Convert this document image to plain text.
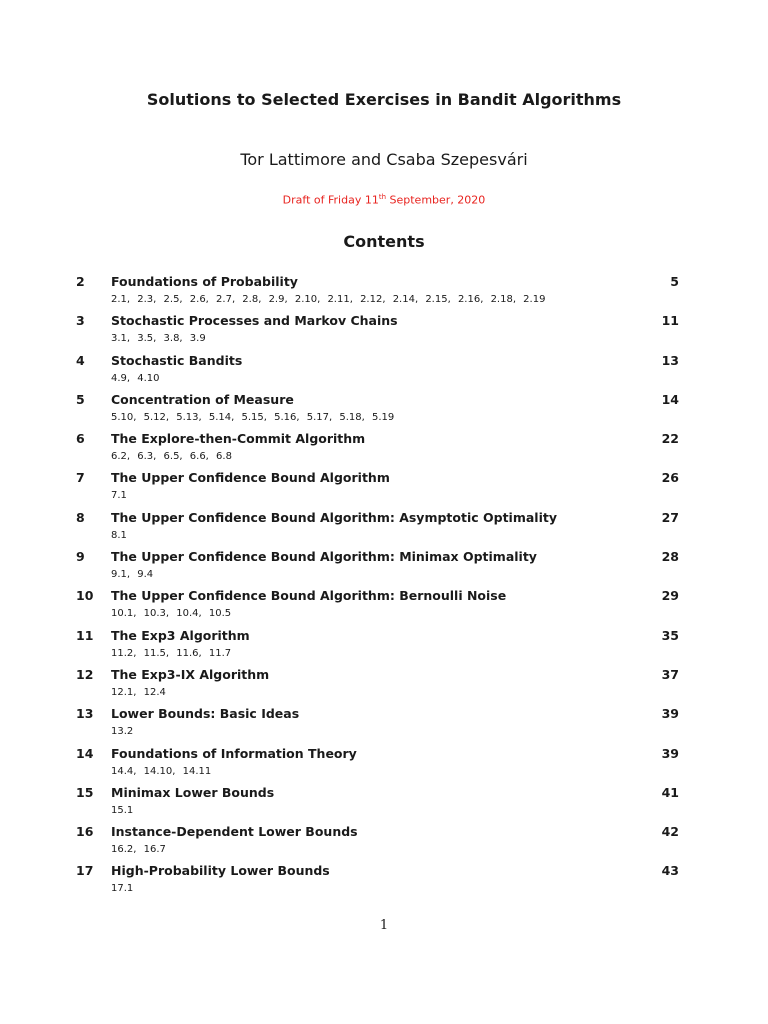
Solutions to Selected Exercises in Bandit Algorithms
Tor Lattimore and Csaba Szepesvári
Draft of Friday 11th September, 2020
Contents
2 Foundations of Probability	5
2.1, 2.3, 2.5, 2.6, 2.7, 2.8, 2.9, 2.10, 2.11, 2.12, 2.14, 2.15, 2.16, 2.18, 2.19
3 Stochastic Processes and Markov Chains	11
3.1, 3.5, 3.8, 3.9
4 Stochastic Bandits	13
4.9, 4.10
5 Concentration of Measure	14
5.10, 5.12, 5.13, 5.14, 5.15, 5.16, 5.17, 5.18, 5.19
6 The Explore-then-Commit Algorithm	22
6.2, 6.3, 6.5, 6.6, 6.8
7 The Upper Confidence Bound Algorithm	26
7.1
8 The Upper Confidence Bound Algorithm: Asymptotic Optimality	27
8.1
9 The Upper Confidence Bound Algorithm: Minimax Optimality	28
9.1, 9.4
10 The Upper Confidence Bound Algorithm: Bernoulli Noise	29
10.1, 10.3, 10.4, 10.5
11 The Exp3 Algorithm	35
11.2, 11.5, 11.6, 11.7
12 The Exp3-IX Algorithm	37
12.1, 12.4
13 Lower Bounds: Basic Ideas	39
13.2
14 Foundations of Information Theory	39
14.4, 14.10, 14.11
15 Minimax Lower Bounds	41
15.1
16 Instance-Dependent Lower Bounds	42
16.2, 16.7
17 High-Probability Lower Bounds	43
17.1
1
